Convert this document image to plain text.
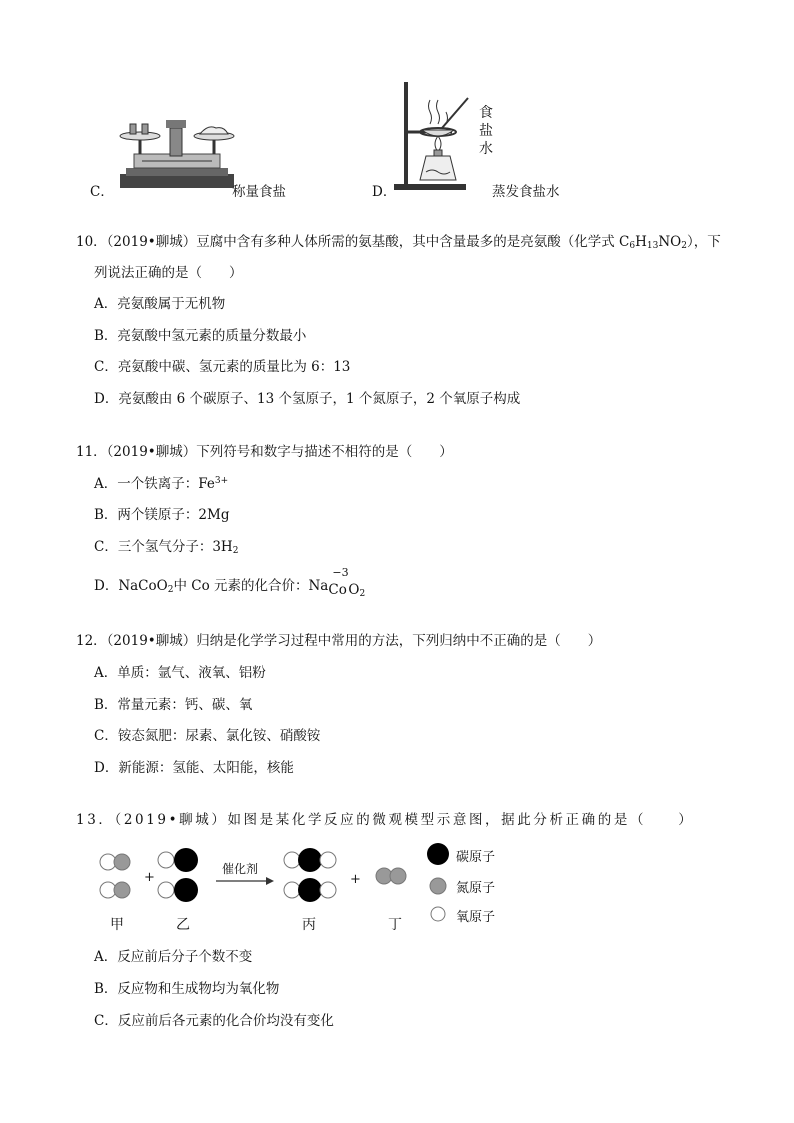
C．	称量食盐
食
盐
水
D．	蒸发食盐水
10．（2019•聊城）豆腐中含有多种人体所需的氨基酸，其中含量最多的是亮氨酸（化学式 $C_6H_{13}NO_2$），下
列说法正确的是（　　）
A．亮氨酸属于无机物
B．亮氨酸中氢元素的质量分数最小
C．亮氨酸中碳、氢元素的质量比为 6：13
D．亮氨酸由 6 个碳原子、13 个氢原子，1 个氮原子，2 个氧原子构成
11．（2019•聊城）下列符号和数字与描述不相符的是（　　）
A．一个铁离子：$Fe^{3+}$
B．两个镁原子：2Mg
C．三个氢气分子：$3H_2$
D．NaCoO$_2$中 Co 元素的化合价：Na
−3
Co $O_2$
12．（2019•聊城）归纳是化学学习过程中常用的方法，下列归纳中不正确的是（　　）
A．单质：氩气、液氧、铝粉
B．常量元素：钙、碳、氧
C．铵态氮肥：尿素、氯化铵、硝酸铵
D．新能源：氢能、太阳能，核能
13．（2019•聊城）如图是某化学反应的微观模型示意图，据此分析正确的是（　　）
甲
+
乙
催化剂
丙
+
丁
碳原子
氮原子
氧原子
A．反应前后分子个数不变
B．反应物和生成物均为氧化物
C．反应前后各元素的化合价均没有变化
